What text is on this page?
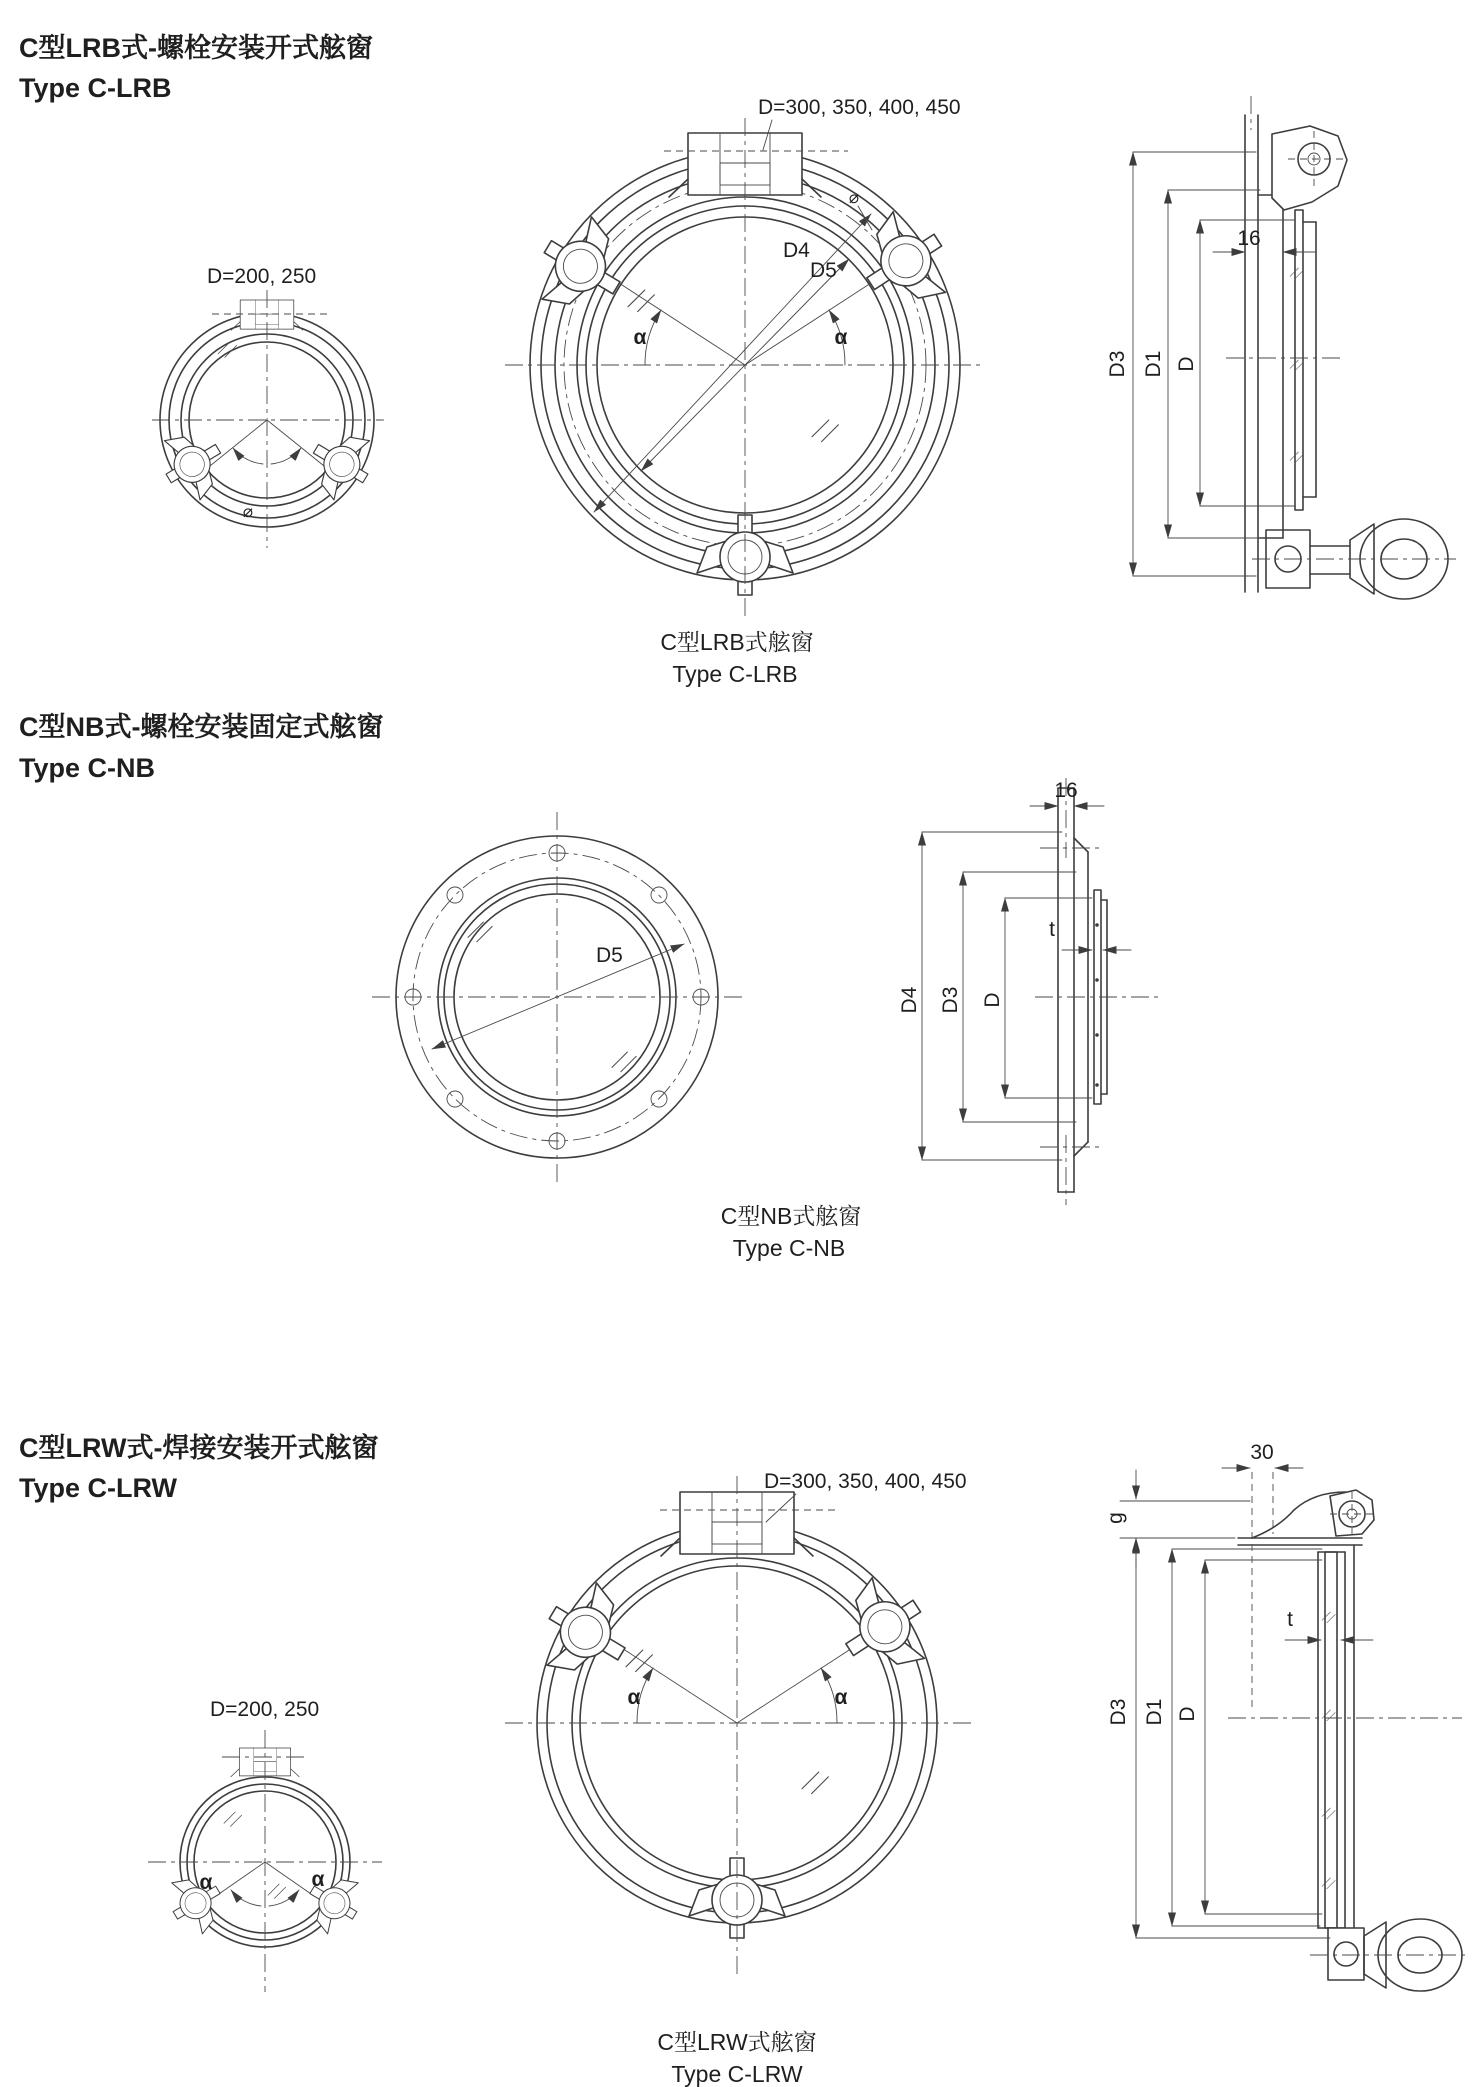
C型LRB式-螺栓安装开式舷窗
Type C-LRB
D=200, 250
⌀
D=300, 350, 400, 450
D4
D5
α	α
⌀
16
D3 D1 D
C型LRB式舷窗
Type C-LRB
C型NB式-螺栓安装固定式舷窗
Type C-NB
D5
16
t
D4 D3 D
C型NB式舷窗
Type C-NB
C型LRW式-焊接安装开式舷窗
Type C-LRW	D=300, 350, 400, 450
α	α
D=200, 250
α	α
30
g
t
D3 D1 D
C型LRW式舷窗
Type C-LRW
